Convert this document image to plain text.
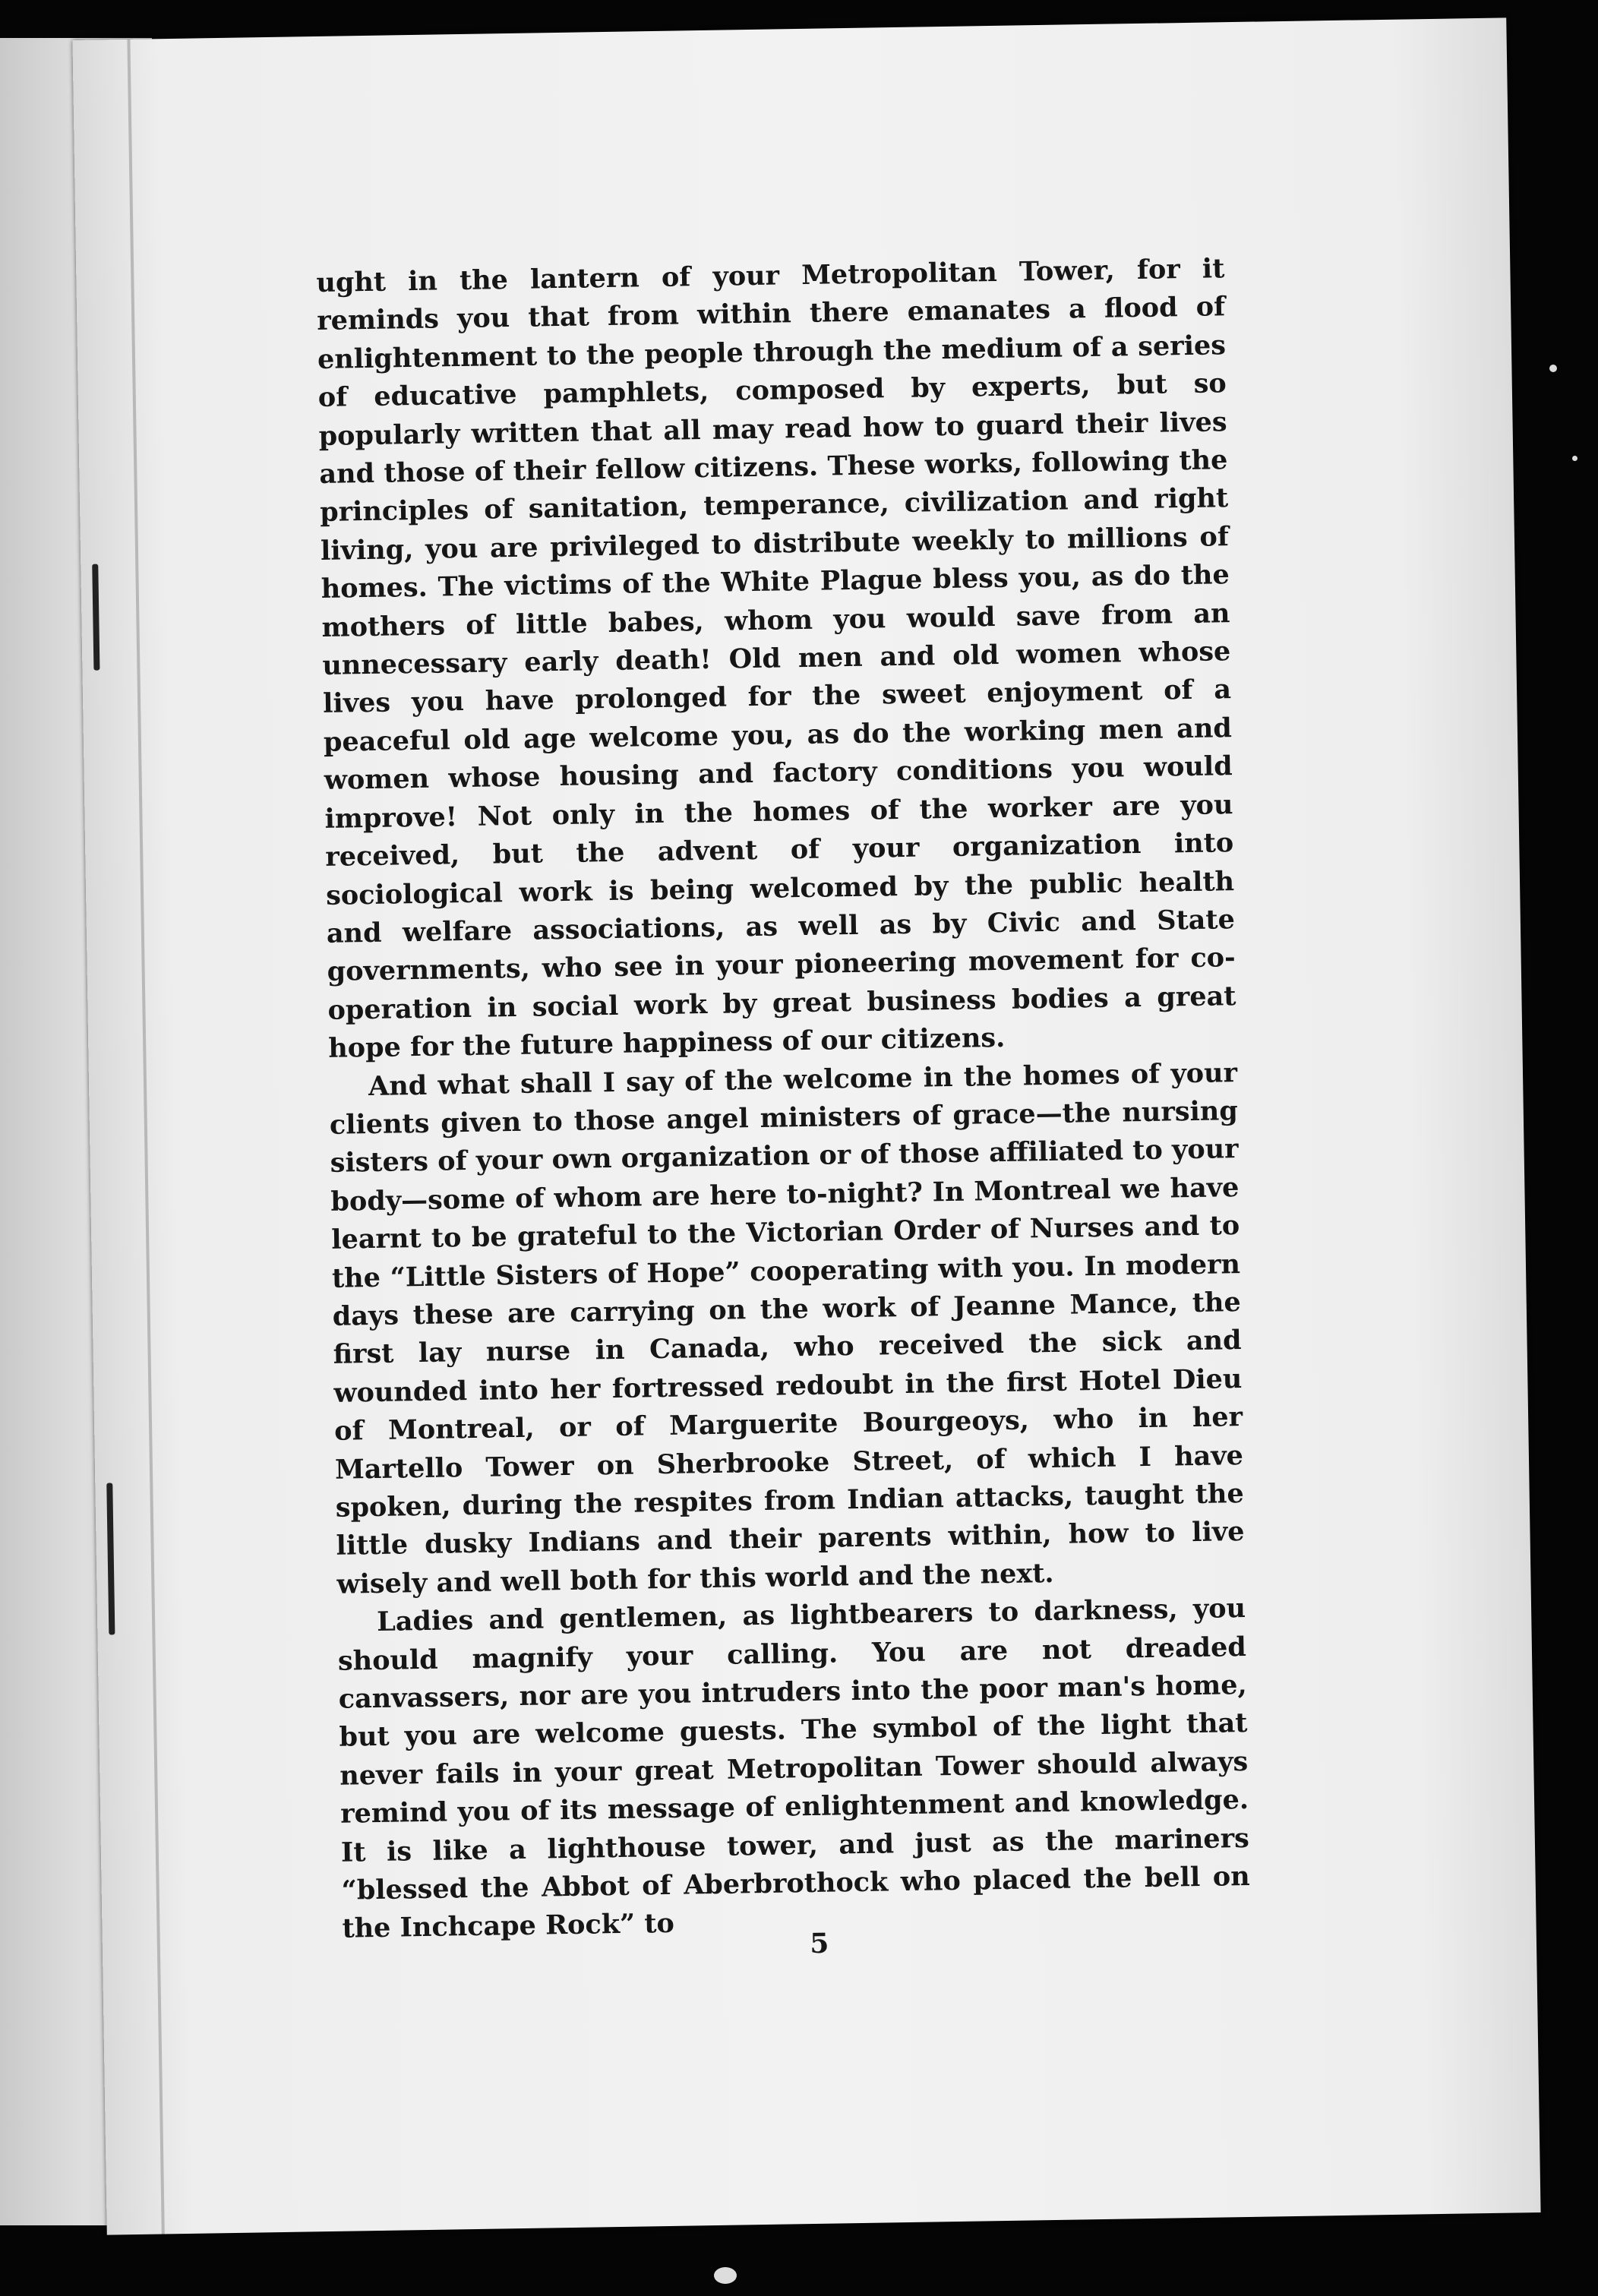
ught in the lantern of your Metropolitan Tower, for it reminds you that from within there emanates a flood of enlightenment to the people through the medium of a series of educative pamphlets, composed by experts, but so popularly written that all may read how to guard their lives and those of their fellow citizens. These works, following the principles of sanitation, temperance, civilization and right living, you are privileged to distribute weekly to millions of homes. The victims of the White Plague bless you, as do the mothers of little babes, whom you would save from an unnecessary early death! Old men and old women whose lives you have prolonged for the sweet enjoyment of a peaceful old age welcome you, as do the working men and women whose housing and factory conditions you would improve! Not only in the homes of the worker are you received, but the advent of your organization into sociological work is being welcomed by the public health and welfare associations, as well as by Civic and State governments, who see in your pioneering movement for co-operation in social work by great business bodies a great hope for the future happiness of our citizens.

And what shall I say of the welcome in the homes of your clients given to those angel ministers of grace—the nursing sisters of your own organization or of those affiliated to your body—some of whom are here to-night? In Montreal we have learnt to be grateful to the Victorian Order of Nurses and to the “Little Sisters of Hope” cooperating with you. In modern days these are carrying on the work of Jeanne Mance, the first lay nurse in Canada, who received the sick and wounded into her fortressed redoubt in the first Hotel Dieu of Montreal, or of Marguerite Bourgeoys, who in her Martello Tower on Sherbrooke Street, of which I have spoken, during the respites from Indian attacks, taught the little dusky Indians and their parents within, how to live wisely and well both for this world and the next.

Ladies and gentlemen, as lightbearers to darkness, you should magnify your calling. You are not dreaded canvassers, nor are you intruders into the poor man's home, but you are welcome guests. The symbol of the light that never fails in your great Metropolitan Tower should always remind you of its message of enlightenment and knowledge. It is like a lighthouse tower, and just as the mariners “blessed the Abbot of Aberbrothock who placed the bell on the Inchcape Rock” to	5
